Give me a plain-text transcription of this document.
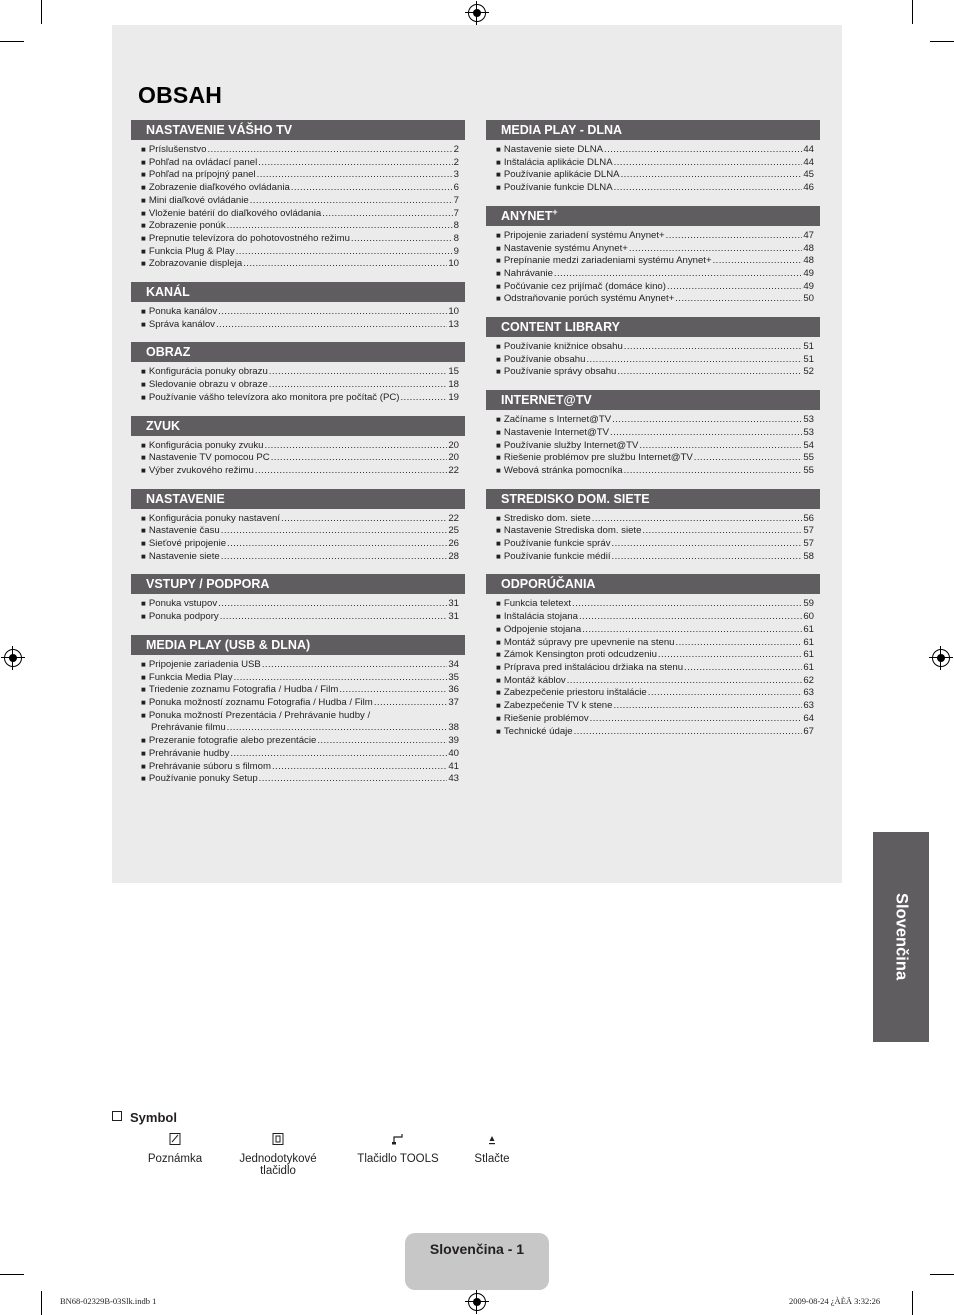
OBSAH
NASTAVENIE VÁŠHO TV
■ Príslušenstvo .....	2
■ Pohľad na ovládací panel .....	2
■ Pohľad na prípojný panel .....	3
■ Zobrazenie diaľkového ovládania .....	6
■ Mini diaľkové ovládanie .....	7
■ Vloženie batérií do diaľkového ovládania .....	7
■ Zobrazenie ponúk .....	8
■ Prepnutie televízora do pohotovostného režimu .....	8
■ Funkcia Plug & Play .....	9
■ Zobrazovanie displeja .....	10
KANÁL
■ Ponuka kanálov .....	10
■ Správa kanálov .....	13
OBRAZ
■ Konfigurácia ponuky obrazu .....	15
■ Sledovanie obrazu v obraze .....	18
■ Používanie vášho televízora ako monitora pre počítač (PC) .....	19
ZVUK
■ Konfigurácia ponuky zvuku .....	20
■ Nastavenie TV pomocou PC .....	20
■ Výber zvukového režimu .....	22
NASTAVENIE
■ Konfigurácia ponuky nastavení .....	22
■ Nastavenie času .....	25
■ Sieťové pripojenie .....	26
■ Nastavenie siete .....	28
VSTUPY / PODPORA
■ Ponuka vstupov .....	31
■ Ponuka podpory .....	31
MEDIA PLAY (USB & DLNA)
■ Pripojenie zariadenia USB .....	34
■ Funkcia Media Play .....	35
■ Triedenie zoznamu Fotografia / Hudba / Film .....	36
■ Ponuka možností zoznamu Fotografia / Hudba / Film .....	37
■ Ponuka možností Prezentácia / Prehrávanie hudby /
Prehrávanie filmu .....	38
■ Prezeranie fotografie alebo prezentácie .....	39
■ Prehrávanie hudby .....	40
■ Prehrávanie súboru s filmom .....	41
■ Používanie ponuky Setup .....	43
MEDIA PLAY - DLNA
■ Nastavenie siete DLNA .....	44
■ Inštalácia aplikácie DLNA .....	44
■ Používanie aplikácie DLNA .....	45
■ Používanie funkcie DLNA .....	46
ANYNET+
■ Pripojenie zariadení systému Anynet+ .....	47
■ Nastavenie systému Anynet+ .....	48
■ Prepínanie medzi zariadeniami systému Anynet+ .....	48
■ Nahrávanie .....	49
■ Počúvanie cez prijímač (domáce kino) .....	49
■ Odstraňovanie porúch systému Anynet+ .....	50
CONTENT LIBRARY
■ Používanie knižnice obsahu .....	51
■ Používanie obsahu .....	51
■ Používanie správy obsahu .....	52
INTERNET@TV
■ Začíname s Internet@TV .....	53
■ Nastavenie Internet@TV .....	53
■ Používanie služby Internet@TV .....	54
■ Riešenie problémov pre službu Internet@TV .....	55
■ Webová stránka pomocníka .....	55
STREDISKO DOM. SIETE
■ Stredisko dom. siete .....	56
■ Nastavenie Strediska dom. siete .....	57
■ Používanie funkcie správ .....	57
■ Používanie funkcie médií .....	58
ODPORÚČANIA
■ Funkcia teletext .....	59
■ Inštalácia stojana .....	60
■ Odpojenie stojana .....	61
■ Montáž súpravy pre upevnenie na stenu .....	61
■ Zámok Kensington proti odcudzeniu .....	61
■ Príprava pred inštaláciou držiaka na stenu .....	61
■ Montáž káblov .....	62
■ Zabezpečenie priestoru inštalácie .....	63
■ Zabezpečenie TV k stene .....	63
■ Riešenie problémov .....	64
■ Technické údaje .....	67
Slovenčina
Symbol
Poznámka	Jednodotykové tlačidlo
Tlačidlo TOOLS	Stlačte
Slovenčina - 1
BN68-02329B-03Slk.indb 1	2009-08-24 ¿ÀÈÄ 3:32:26
